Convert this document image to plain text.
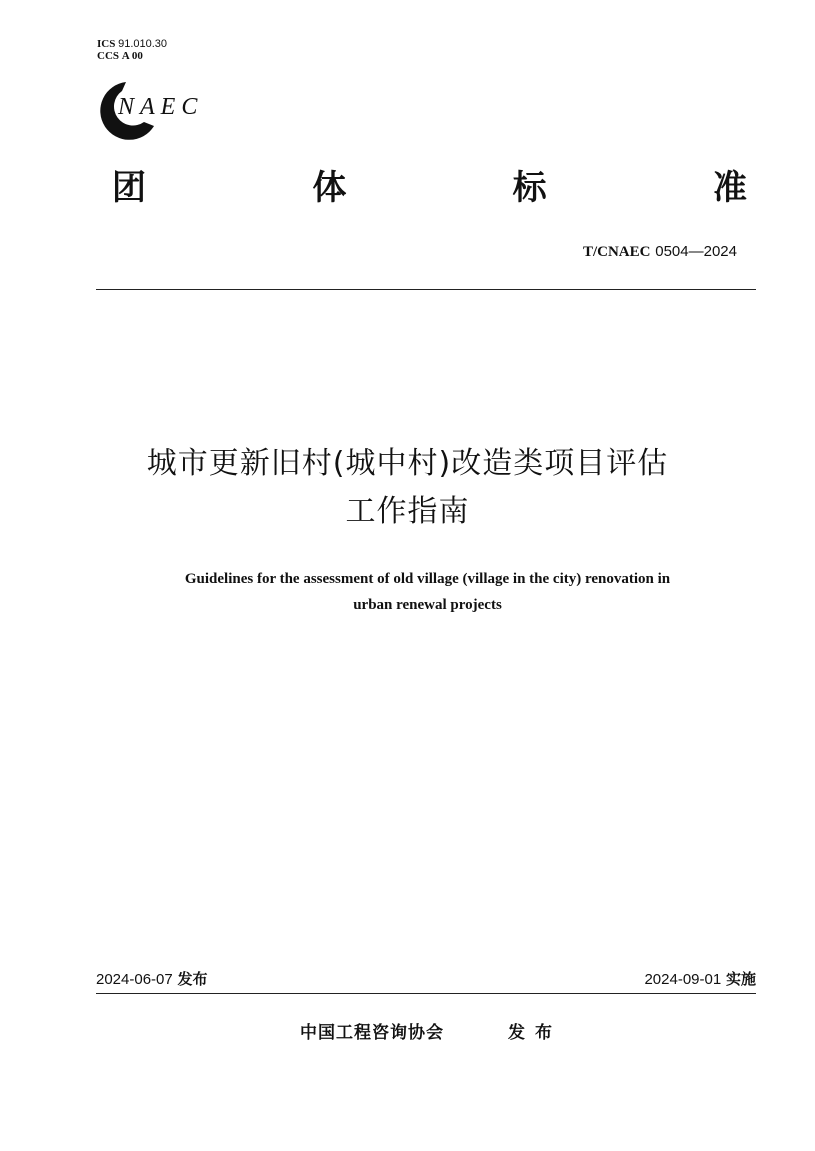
ICS 91.010.30
CCS A 00
NAEC
团	体	标	准
T/CNAEC 0504—2024
城市更新旧村(城中村)改造类项目评估
工作指南
Guidelines for the assessment of old village (village in the city) renovation in
urban renewal projects
2024-06-07 发布	2024-09-01 实施
中国工程咨询协会	发布
